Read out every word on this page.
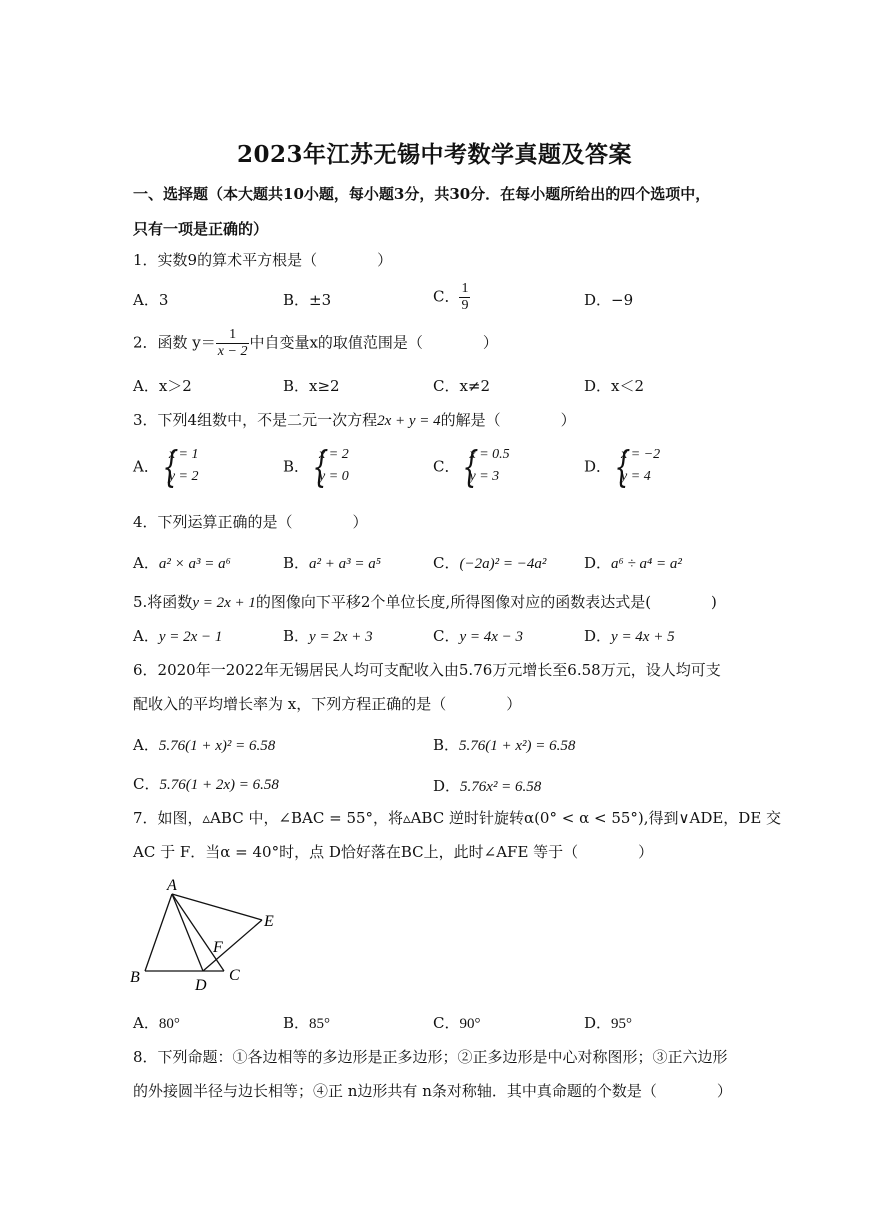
2023年江苏无锡中考数学真题及答案
一、选择题（本大题共10小题，每小题3分，共30分．在每小题所给出的四个选项中，
只有一项是正确的）
1．实数9的算术平方根是（　　　　）
A．3	B．±3	C． $\frac{1}{9}$	D．−9
2．函数 $y= \frac{1}{x - 2}$ 中自变量x的取值范围是（　　　　）
A．x＞2	B．x≥2	C．x≠2	D．x＜2
3．下列4组数中，不是二元一次方程2x + y = 4的解是（　　　　）
A．
{ x = 1
y = 2
B．
{ x = 2
y = 0
C．
{ x = 0.5
y = 3
D．
{ x = −2
y = 4
4．下列运算正确的是（　　　　）
A．a² × a³ = a⁶	B．a² + a³ = a⁵	C．(−2a)² = −4a²	D．a⁶ ÷ a⁴ = a²
5.将函数y = 2x + 1的图像向下平移2个单位长度,所得图像对应的函数表达式是(　　　　)
A．y = 2x − 1	B．y = 2x + 3	C．y = 4x − 3	D．y = 4x + 5
6．2020年一2022年无锡居民人均可支配收入由5.76万元增长至6.58万元，设人均可支
配收入的平均增长率为 x，下列方程正确的是（　　　　）
A．5.76(1 + x)² = 6.58	B．5.76(1 + x²) = 6.58
C．5.76(1 + 2x) = 6.58	D．5.76x² = 6.58
7．如图，▵ABC 中，∠BAC = 55°，将▵ABC 逆时针旋转α(0° < α < 55°),得到∨ADE，DE 交
AC 于 F．当α = 40°时，点 D恰好落在BC上，此时∠AFE 等于（　　　　）
A
B	C
D
E
F
A．80°	B．85°	C．90°	D．95°
8．下列命题：①各边相等的多边形是正多边形；②正多边形是中心对称图形；③正六边形
的外接圆半径与边长相等；④正 n边形共有 n条对称轴．其中真命题的个数是（　　　　）
